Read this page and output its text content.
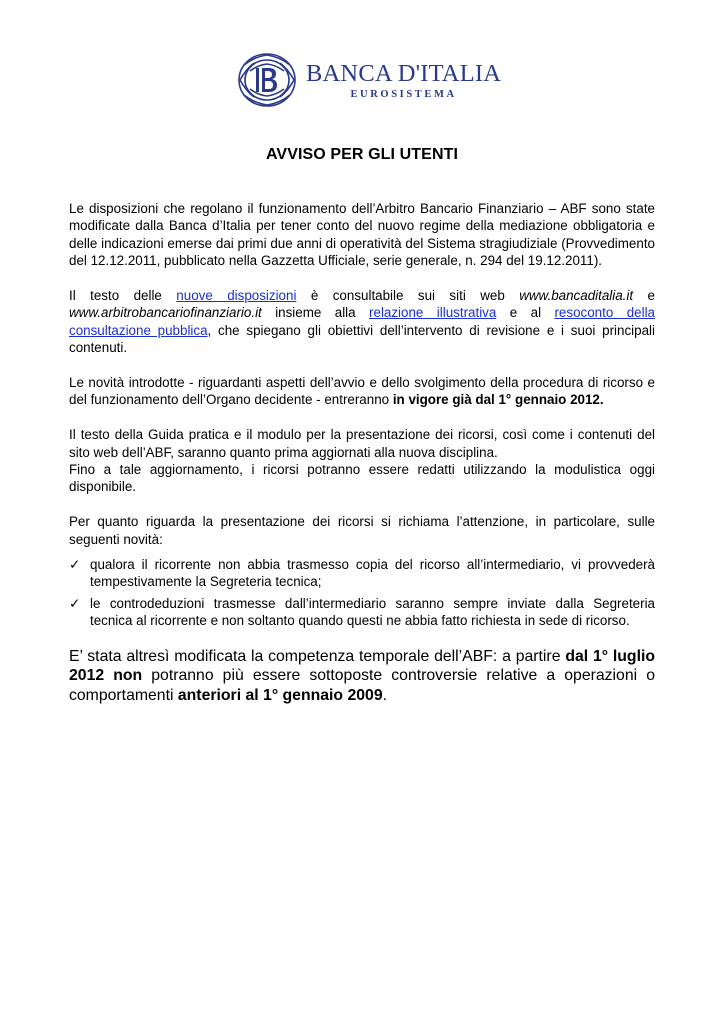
BANCA D'ITALIA
EUROSISTEMA
AVVISO PER GLI UTENTI

Le disposizioni che regolano il funzionamento dell’Arbitro Bancario Finanziario – ABF sono state modificate dalla Banca d’Italia per tener conto del nuovo regime della mediazione obbligatoria e delle indicazioni emerse dai primi due anni di operatività del Sistema stragiudiziale (Provvedimento del 12.12.2011, pubblicato nella Gazzetta Ufficiale, serie generale, n. 294 del 19.12.2011).

Il testo delle nuove disposizioni è consultabile sui siti web www.bancaditalia.it e www.arbitrobancariofinanziario.it insieme alla relazione illustrativa e al resoconto della consultazione pubblica, che spiegano gli obiettivi dell’intervento di revisione e i suoi principali contenuti.

Le novità introdotte - riguardanti aspetti dell’avvio e dello svolgimento della procedura di ricorso e del funzionamento dell’Organo decidente - entreranno in vigore già dal 1° gennaio 2012.

Il testo della Guida pratica e il modulo per la presentazione dei ricorsi, così come i contenuti del sito web dell’ABF, saranno quanto prima aggiornati alla nuova disciplina.

Fino a tale aggiornamento, i ricorsi potranno essere redatti utilizzando la modulistica oggi disponibile.

Per quanto riguarda la presentazione dei ricorsi si richiama l’attenzione, in particolare, sulle seguenti novità:

✓ qualora il ricorrente non abbia trasmesso copia del ricorso all’intermediario, vi provvederà tempestivamente la Segreteria tecnica;
✓ le controdeduzioni trasmesse dall’intermediario saranno sempre inviate dalla Segreteria tecnica al ricorrente e non soltanto quando questi ne abbia fatto richiesta in sede di ricorso.
E’ stata altresì modificata la competenza temporale dell’ABF: a partire dal 1° luglio 2012 non potranno più essere sottoposte controversie relative a operazioni o comportamenti anteriori al 1° gennaio 2009.
